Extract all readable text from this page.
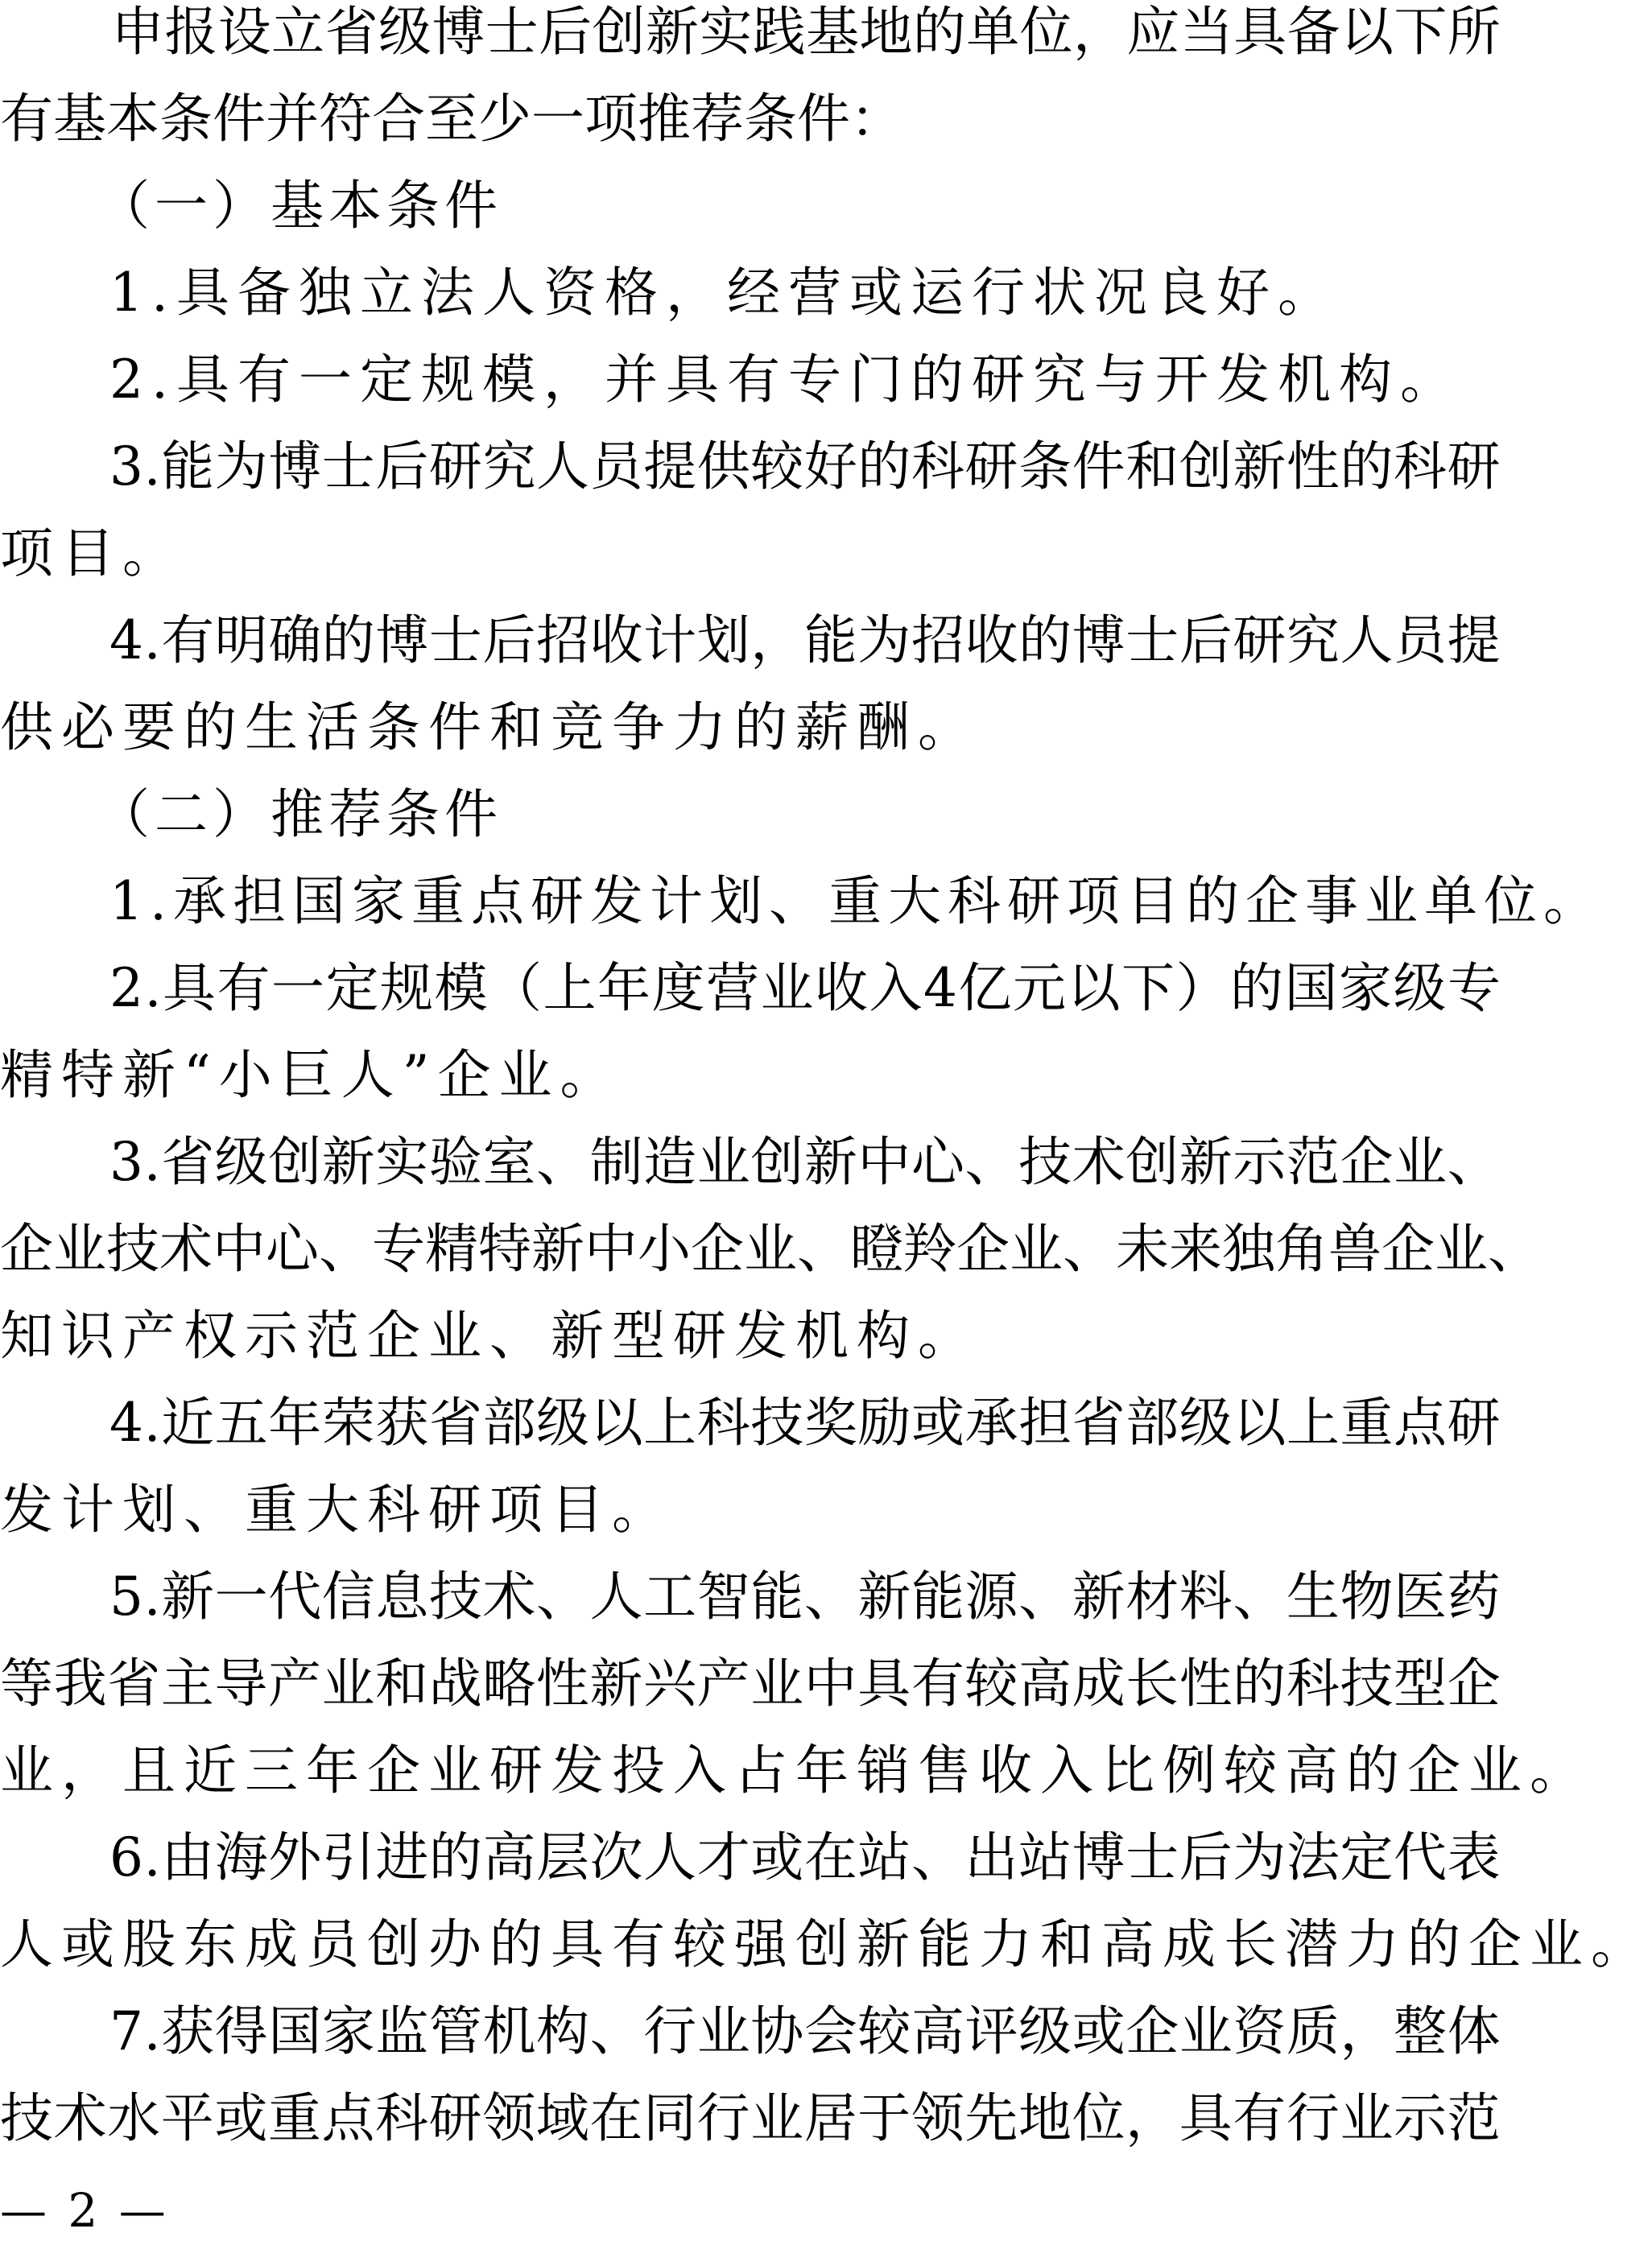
申 报 设 立 省 级 博 士 后 创 新 实 践 基 地 的 单 位 ， 应 当 具 备 以 下 所
有 基 本 条 件 并 符 合 至 少 一 项 推 荐 条 件 ：
（一）基本条件
1.具备独立法人资格，经营或运行状况良好。
2.具有一定规模，并具有专门的研究与开发机构。
3 . 能 为 博 士 后 研 究 人 员 提 供 较 好 的 科 研 条 件 和 创 新 性 的 科 研
项目。
4 . 有 明 确 的 博 士 后 招 收 计 划 ， 能 为 招 收 的 博 士 后 研 究 人 员 提
供必要的生活条件和竞争力的薪酬。
（二）推荐条件
1.承担国家重点研发计划、重大科研项目的企事业单位。
2 . 具 有 一 定 规 模 （ 上 年 度 营 业 收 入 4 亿 元 以 下 ） 的 国 家 级 专
精特新“小巨人”企业。
3 . 省 级 创 新 实 验 室 、 制 造 业 创 新 中 心 、 技 术 创 新 示 范 企 业 、
企 业 技 术 中 心 、 专 精 特 新 中 小 企 业 、 瞪 羚 企 业 、 未 来 独 角 兽 企 业 、
知识产权示范企业、新型研发机构。
4 . 近 五 年 荣 获 省 部 级 以 上 科 技 奖 励 或 承 担 省 部 级 以 上 重 点 研
发计划、重大科研项目。
5 . 新 一 代 信 息 技 术 、 人 工 智 能 、 新 能 源 、 新 材 料 、 生 物 医 药
等 我 省 主 导 产 业 和 战 略 性 新 兴 产 业 中 具 有 较 高 成 长 性 的 科 技 型 企
业，且近三年企业研发投入占年销售收入比例较高的企业。
6 . 由 海 外 引 进 的 高 层 次 人 才 或 在 站 、 出 站 博 士 后 为 法 定 代 表
人或股东成员创办的具有较强创新能力和高成长潜力的企业。
7 . 获 得 国 家 监 管 机 构 、 行 业 协 会 较 高 评 级 或 企 业 资 质 ， 整 体
技 术 水 平 或 重 点 科 研 领 域 在 同 行 业 居 于 领 先 地 位 ， 具 有 行 业 示 范
— 2 —
